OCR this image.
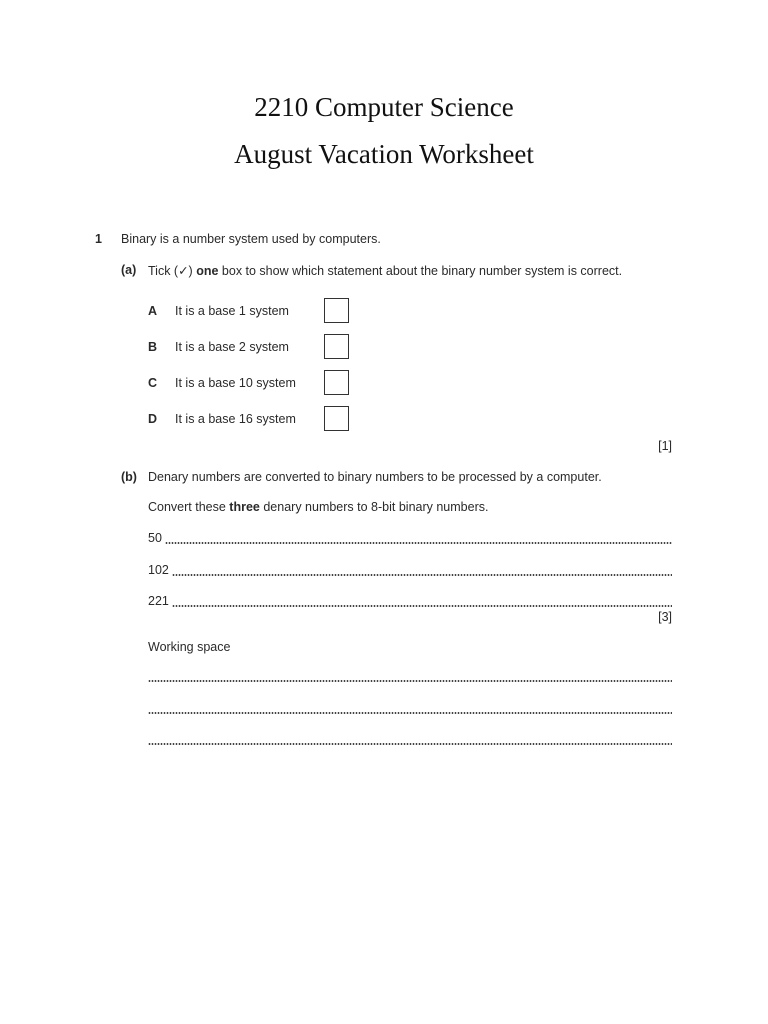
2210 Computer Science
August Vacation Worksheet
1 Binary is a number system used by computers.
(a) Tick (✓) one box to show which statement about the binary number system is correct.
A It is a base 1 system
B It is a base 2 system
C It is a base 10 system
D It is a base 16 system
[1]
(b) Denary numbers are converted to binary numbers to be processed by a computer.
Convert these three denary numbers to 8-bit binary numbers.
50
102
221
[3]
Working space
